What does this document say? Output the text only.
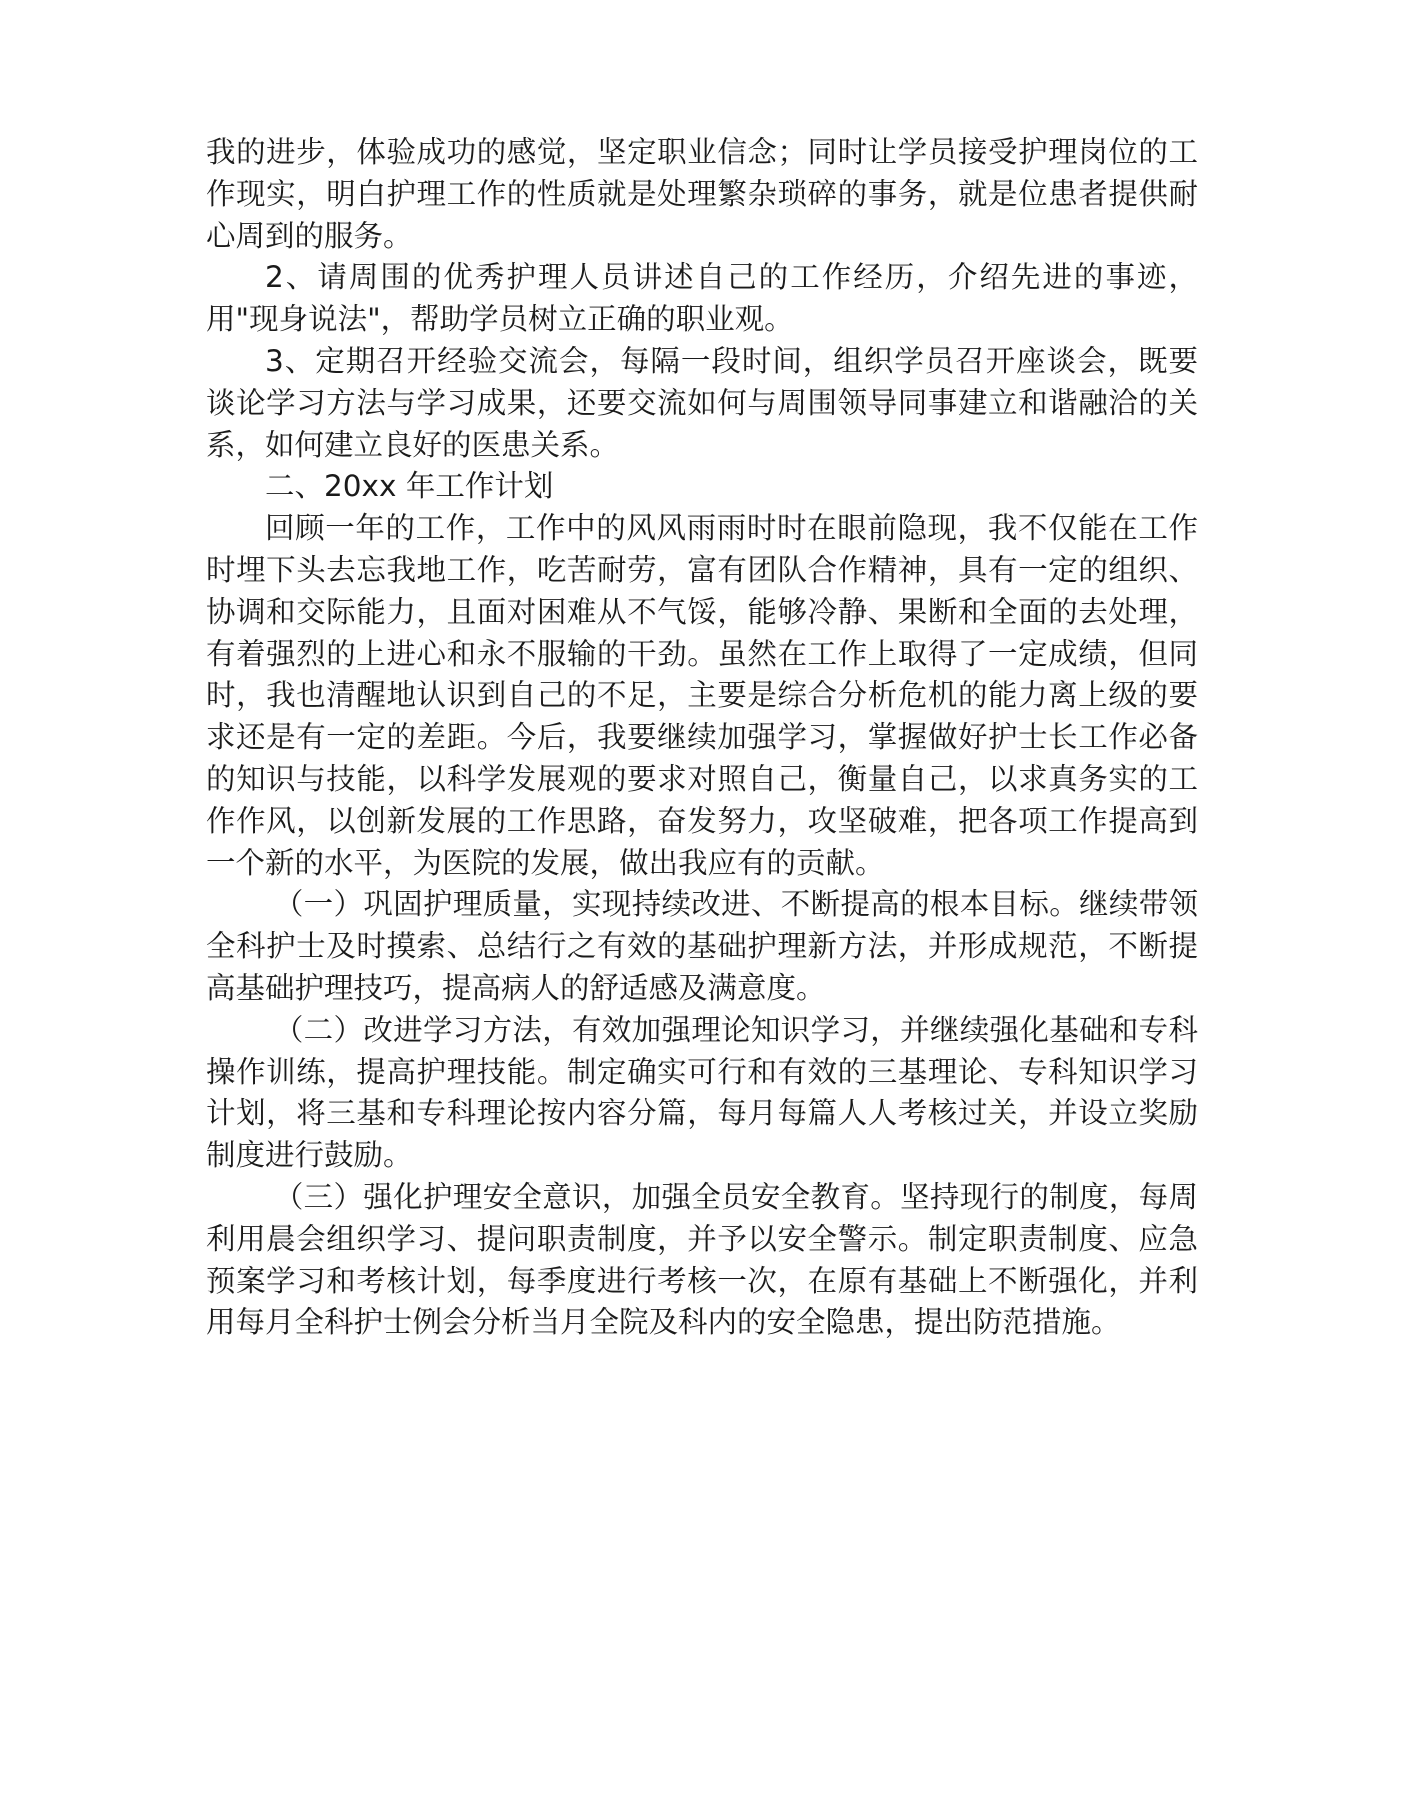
我的进步，体验成功的感觉，坚定职业信念；同时让学员接受护理岗位的工作现实，明白护理工作的性质就是处理繁杂琐碎的事务，就是位患者提供耐心周到的服务。

2、请周围的优秀护理人员讲述自己的工作经历，介绍先进的事迹，用"现身说法"，帮助学员树立正确的职业观。

3、定期召开经验交流会，每隔一段时间，组织学员召开座谈会，既要谈论学习方法与学习成果，还要交流如何与周围领导同事建立和谐融洽的关系，如何建立良好的医患关系。

二、20xx 年工作计划

回顾一年的工作，工作中的风风雨雨时时在眼前隐现，我不仅能在工作时埋下头去忘我地工作，吃苦耐劳，富有团队合作精神，具有一定的组织、协调和交际能力，且面对困难从不气馁，能够冷静、果断和全面的去处理，有着强烈的上进心和永不服输的干劲。虽然在工作上取得了一定成绩，但同时，我也清醒地认识到自己的不足，主要是综合分析危机的能力离上级的要求还是有一定的差距。今后，我要继续加强学习，掌握做好护士长工作必备的知识与技能，以科学发展观的要求对照自己，衡量自己，以求真务实的工作作风，以创新发展的工作思路，奋发努力，攻坚破难，把各项工作提高到一个新的水平，为医院的发展，做出我应有的贡献。

（一）巩固护理质量，实现持续改进、不断提高的根本目标。继续带领全科护士及时摸索、总结行之有效的基础护理新方法，并形成规范，不断提高基础护理技巧，提高病人的舒适感及满意度。

（二）改进学习方法，有效加强理论知识学习，并继续强化基础和专科操作训练，提高护理技能。制定确实可行和有效的三基理论、专科知识学习计划，将三基和专科理论按内容分篇，每月每篇人人考核过关，并设立奖励制度进行鼓励。

（三）强化护理安全意识，加强全员安全教育。坚持现行的制度，每周利用晨会组织学习、提问职责制度，并予以安全警示。制定职责制度、应急预案学习和考核计划，每季度进行考核一次，在原有基础上不断强化，并利用每月全科护士例会分析当月全院及科内的安全隐患，提出防范措施。
